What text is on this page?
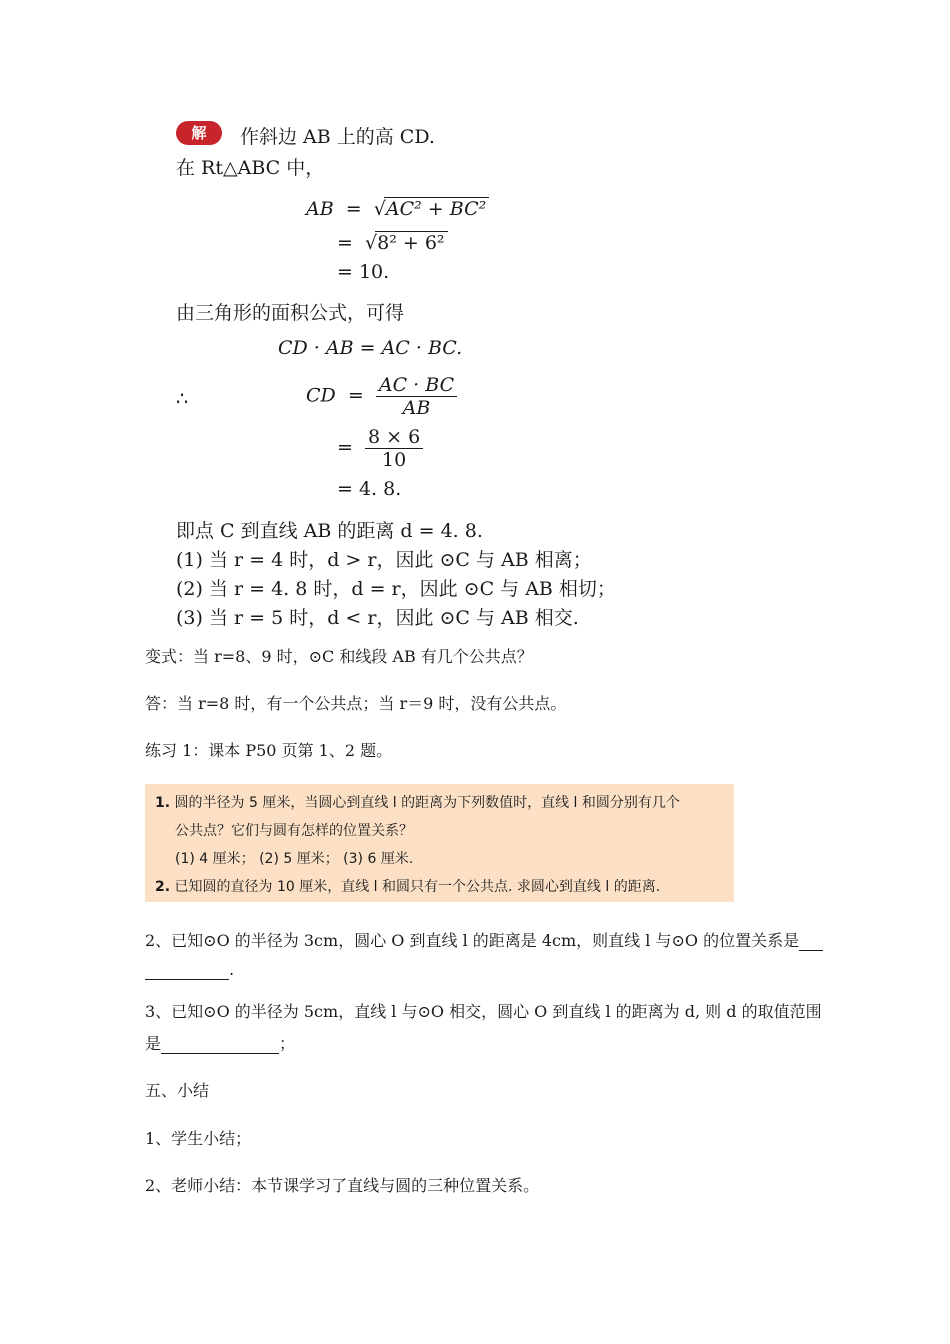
解	作斜边 AB 上的高 CD.
在 Rt△ABC 中，
AB  =  √AC² + BC²
=  √8² + 6²
= 10.
由三角形的面积公式，可得
CD · AB = AC · BC.
∴	CD  = $\frac{AC \cdot BC}{AB}$
= $\frac{8 \times 6}{10}$
= 4. 8.
即点 C 到直线 AB 的距离 d = 4. 8.
(1) 当 r = 4 时，d > r，因此 ⊙C 与 AB 相离；
(2) 当 r = 4. 8 时，d = r，因此 ⊙C 与 AB 相切；
(3) 当 r = 5 时，d < r，因此 ⊙C 与 AB 相交.
变式：当 r=8、9 时，⊙C 和线段 AB 有几个公共点？
答：当 r=8 时，有一个公共点；当 r＝9 时，没有公共点。
练习 1：课本 P50 页第 1、2 题。
1. 圆的半径为 5 厘米，当圆心到直线 l 的距离为下列数值时，直线 l 和圆分别有几个
公共点？它们与圆有怎样的位置关系？
(1) 4 厘米； (2) 5 厘米； (3) 6 厘米.
2. 已知圆的直径为 10 厘米，直线 l 和圆只有一个公共点. 求圆心到直线 l 的距离.
2、已知⊙O 的半径为 3cm，圆心 O 到直线 l 的距离是 4cm，则直线 l 与⊙O 的位置关系是
.
3、已知⊙O 的半径为 5cm，直线 l 与⊙O 相交，圆心 O 到直线 l 的距离为 d, 则 d 的取值范围
是	；
五、小结
1、学生小结；
2、老师小结：本节课学习了直线与圆的三种位置关系。
